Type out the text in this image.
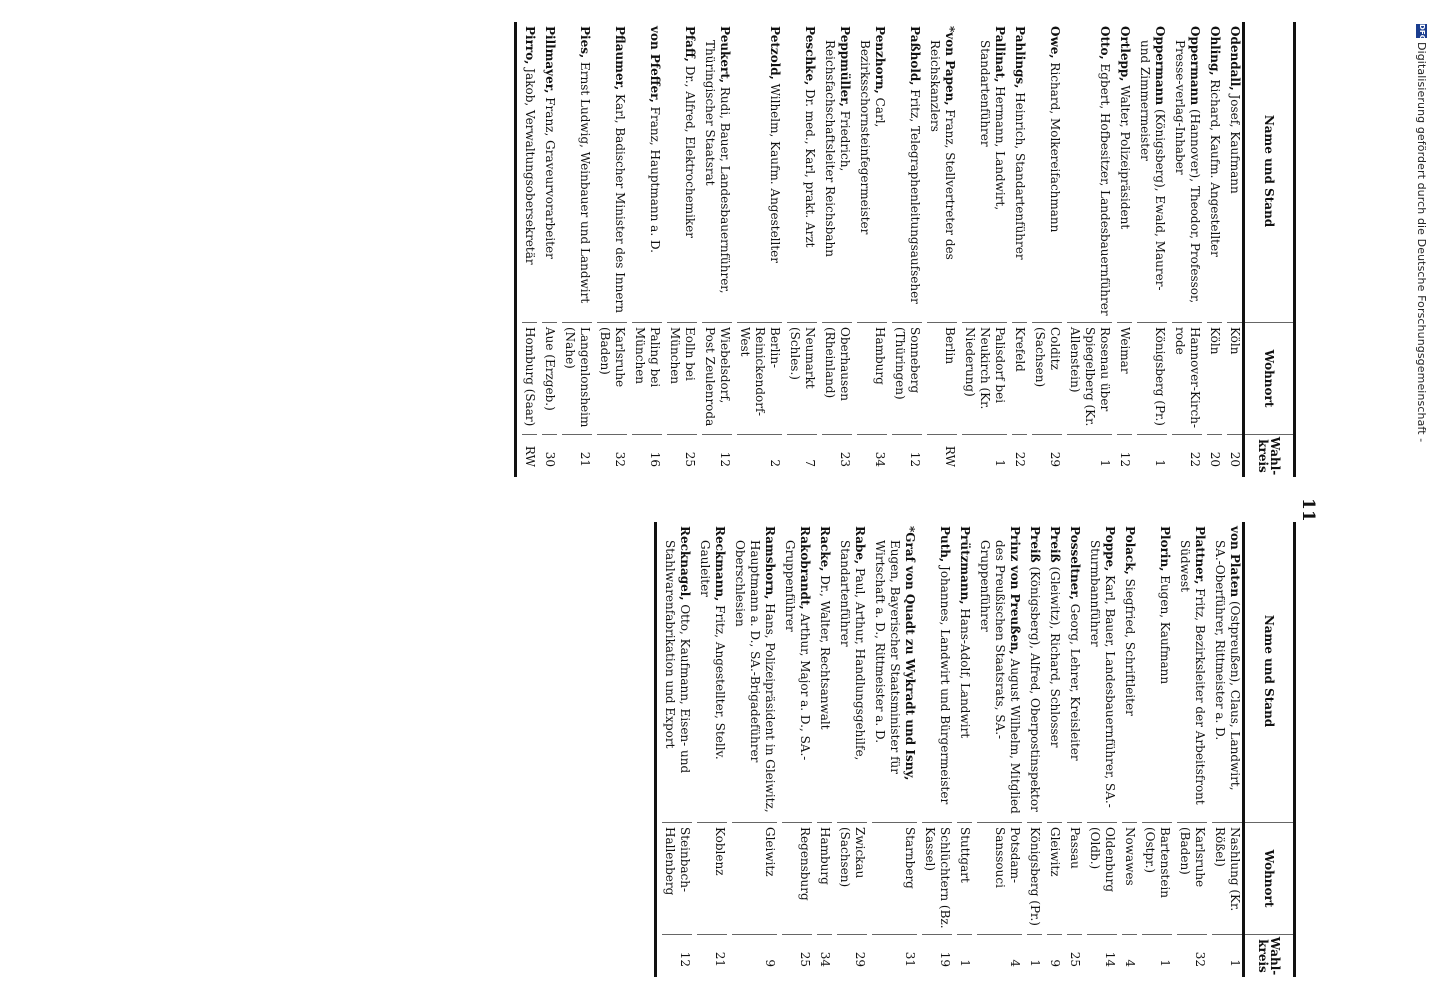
DFG
Digitalisierung gefördert durch die Deutsche Forschungsgemeinschaft -
11
Name und Stand
Wohnort
Wahl-kreis
Odendall, Josef, Kaufmann
Köln
20
Ohling, Richard, Kaufm. Angestellter
Köln
20
Oppermann (Hannover), Theodor, Professor, Presse-verlag-Inhaber
Hannover-Kirch-rode
22
Oppermann (Königsberg), Ewald, Maurer- und Zimmermeister
Königsberg (Pr.)
1
Ortlepp, Walter, Polizeipräsident
Weimar
12
Otto, Egbert, Hofbesitzer, Landesbauernführer
Rosenau über Spiegelberg (Kr. Allenstein)
1
Owe, Richard, Molkereifachmann
Colditz (Sachsen)
29
Pahlings, Heinrich, Standartenführer
Krefeld
22
Pallinat, Hermann, Landwirt, Standartenführer
Palisdorf bei Neukirch (Kr. Niederung)
1
*von Papen, Franz, Stellvertreter des Reichskanzlers
Berlin
RW
Paßhold, Fritz, Telegraphenleitungsaufseher
Sonneberg (Thüringen)
12
Penzhorn, Carl, Bezirksschornsteinfegermeister
Hamburg
34
Peppmüller, Friedrich, Reichsfachschaftsleiter Reichsbahn
Oberhausen (Rheinland)
23
Peschke, Dr. med., Karl, prakt. Arzt
Neumarkt (Schles.)
7
Petzold, Wilhelm, Kaufm. Angestellter
Berlin-Reinickendorf-West
2
Peukert, Rudi, Bauer, Landesbauernführer, Thüringischer Staatsrat
Wiebelsdorf, Post Zeulenroda
12
Pfaff, Dr., Alfred, Elektrochemiker
Eolln bei München
25
von Pfeffer, Franz, Hauptmann a. D.
Paling bei München
16
Pflaumer, Karl, Badischer Minister des Innern
Karlsruhe (Baden)
32
Pies, Ernst Ludwig, Weinbauer und Landwirt
Langenlonsheim (Nahe)
21
Pillmayer, Franz, Graveurvorarbeiter
Aue (Erzgeb.)
30
Pirro, Jakob, Verwaltungsobersekretär
Homburg (Saar)
RW
Name und Stand
Wohnort
Wahl-kreis
von Platen (Ostpreußen), Claus, Landwirt, SA.-Oberführer, Rittmeister a. D.
Nashlung (Kr. Rößel)
1
Plattner, Fritz, Bezirksleiter der Arbeitsfront Südwest
Karlsruhe (Baden)
32
Plorin, Eugen, Kaufmann
Bartenstein (Ostpr.)
1
Polack, Siegfried, Schriftleiter
Nowawes
4
Poppe, Karl, Bauer, Landesbauernführer, SA.-Sturmbannführer
Oldenburg (Oldb.)
14
Posseltner, Georg, Lehrer, Kreisleiter
Passau
25
Preiß (Gleiwitz), Richard, Schlosser
Gleiwitz
9
Preiß (Königsberg), Alfred, Oberpostinspektor
Königsberg (Pr.)
1
Prinz von Preußen, August Wilhelm, Mitglied des Preußischen Staatsrats, SA.-Gruppenführer
Potsdam-Sanssouci
4
Prützmann, Hans-Adolf, Landwirt
Stuttgart
1
Puth, Johannes, Landwirt und Bürgermeister
Schlüchtern (Bz. Kassel)
19
*Graf von Quadt zu Wykradt und Isny, Eugen, Bayerischer Staatsminister für Wirtschaft a. D., Rittmeister a. D.
Starnberg
31
Rabe, Paul, Arthur, Handlungsgehilfe, Standartenführer
Zwickau (Sachsen)
29
Racke, Dr., Walter, Rechtsanwalt
Hamburg
34
Rakobrandt, Arthur, Major a. D., SA.-Gruppenführer
Regensburg
25
Ramshorn, Hans, Polizeipräsident in Gleiwitz, Hauptmann a. D., SA.-Brigadeführer Oberschlesien
Gleiwitz
9
Reckmann, Fritz, Angestellter, Stellv. Gauleiter
Koblenz
21
Recknagel, Otto, Kaufmann, Eisen- und Stahlwarenfabrikation und Export
Steinbach-Hallenberg
12
